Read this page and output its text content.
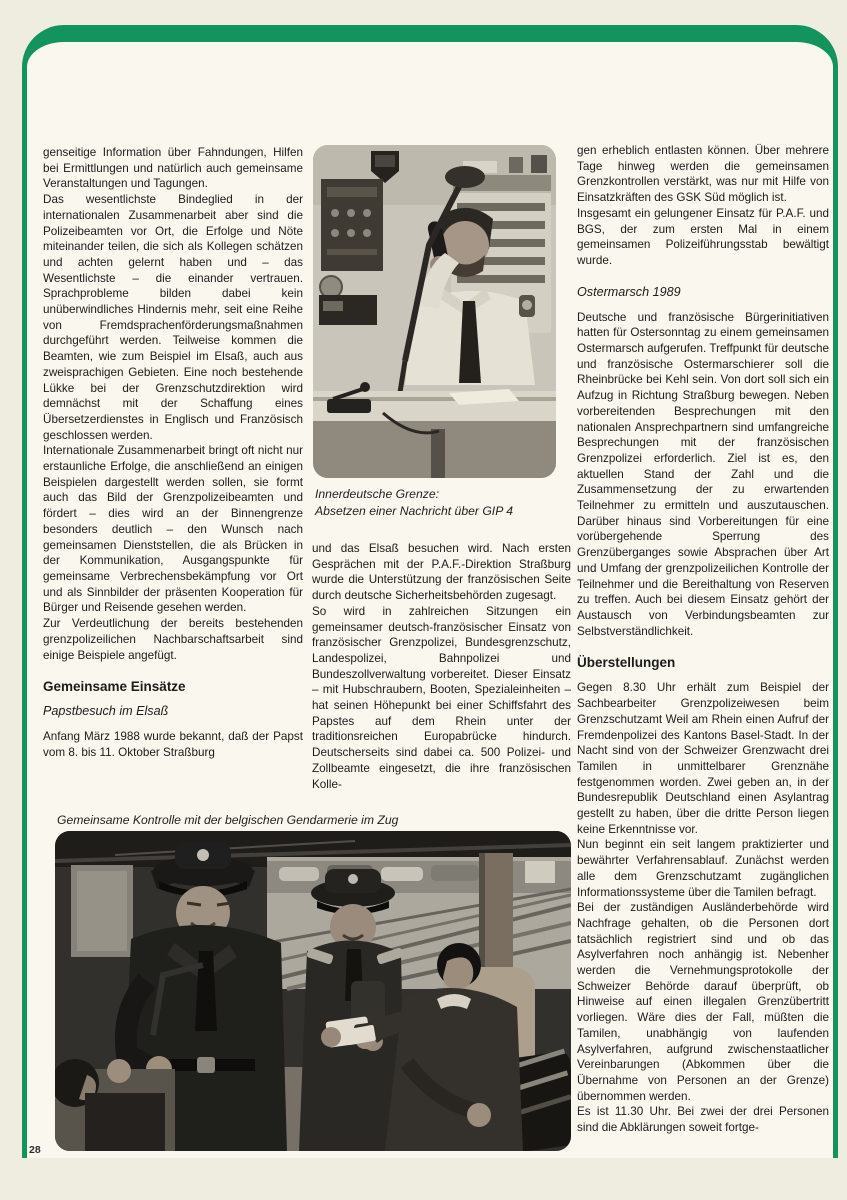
genseitige Information über Fahndungen, Hilfen bei Ermittlungen und natürlich auch gemeinsame Veranstaltungen und Tagungen.

Das wesentlichste Bindeglied in der internationalen Zusammenarbeit aber sind die Polizeibeamten vor Ort, die Erfolge und Nöte miteinander teilen, die sich als Kollegen schätzen und achten gelernt haben und – das Wesentlichste – die einander vertrauen. Sprachprobleme bilden dabei kein unüberwindliches Hindernis mehr, seit eine Reihe von Fremdsprachenförderungsmaßnahmen durchgeführt werden. Teilweise kommen die Beamten, wie zum Beispiel im Elsaß, auch aus zweisprachigen Gebieten. Eine noch bestehende Lükke bei der Grenzschutzdirektion wird demnächst mit der Schaffung eines Übersetzerdienstes in Englisch und Französisch geschlossen werden.

Internationale Zusammenarbeit bringt oft nicht nur erstaunliche Erfolge, die anschließend an einigen Beispielen dargestellt werden sollen, sie formt auch das Bild der Grenzpolizeibeamten und fördert – dies wird an der Binnengrenze besonders deutlich – den Wunsch nach gemeinsamen Dienststellen, die als Brücken in der Kommunikation, Ausgangspunkte für gemeinsame Verbrechensbekämpfung vor Ort und als Sinnbilder der präsenten Kooperation für Bürger und Reisende gesehen werden.

Zur Verdeutlichung der bereits bestehenden grenzpolizeilichen Nachbarschaftsarbeit sind einige Beispiele angefügt.

Gemeinsame Einsätze
Papstbesuch im Elsaß

Anfang März 1988 wurde bekannt, daß der Papst vom 8. bis 11. Oktober Straßburg

Innerdeutsche Grenze:
Absetzen einer Nachricht über GIP 4

und das Elsaß besuchen wird. Nach ersten Gesprächen mit der P.A.F.-Direktion Straßburg wurde die Unterstützung der französischen Seite durch deutsche Sicherheitsbehörden zugesagt.

So wird in zahlreichen Sitzungen ein gemeinsamer deutsch-französischer Einsatz von französischer Grenzpolizei, Bundesgrenzschutz, Landespolizei, Bahnpolizei und Bundeszollverwaltung vorbereitet. Dieser Einsatz – mit Hubschraubern, Booten, Spezialeinheiten – hat seinen Höhepunkt bei einer Schiffsfahrt des Papstes auf dem Rhein unter der traditionsreichen Europabrücke hindurch. Deutscherseits sind dabei ca. 500 Polizei- und Zollbeamte eingesetzt, die ihre französischen Kolle-

Gemeinsame Kontrolle mit der belgischen Gendarmerie im Zug

gen erheblich entlasten können. Über mehrere Tage hinweg werden die gemeinsamen Grenzkontrollen verstärkt, was nur mit Hilfe von Einsatzkräften des GSK Süd möglich ist.

Insgesamt ein gelungener Einsatz für P.A.F. und BGS, der zum ersten Mal in einem gemeinsamen Polizeiführungsstab bewältigt wurde.

Ostermarsch 1989

Deutsche und französische Bürgerinitiativen hatten für Ostersonntag zu einem gemeinsamen Ostermarsch aufgerufen. Treffpunkt für deutsche und französische Ostermarschierer soll die Rheinbrücke bei Kehl sein. Von dort soll sich ein Aufzug in Richtung Straßburg bewegen. Neben vorbereitenden Besprechungen mit den nationalen Ansprechpartnern sind umfangreiche Besprechungen mit der französischen Grenzpolizei erforderlich. Ziel ist es, den aktuellen Stand der Zahl und die Zusammensetzung der zu erwartenden Teilnehmer zu ermitteln und auszutauschen. Darüber hinaus sind Vorbereitungen für eine vorübergehende Sperrung des Grenzüberganges sowie Absprachen über Art und Umfang der grenzpolizeilichen Kontrolle der Teilnehmer und die Bereithaltung von Reserven zu treffen. Auch bei diesem Einsatz gehört der Austausch von Verbindungsbeamten zur Selbstverständlichkeit.

Überstellungen

Gegen 8.30 Uhr erhält zum Beispiel der Sachbearbeiter Grenzpolizeiwesen beim Grenzschutzamt Weil am Rhein einen Aufruf der Fremdenpolizei des Kantons Basel-Stadt. In der Nacht sind von der Schweizer Grenzwacht drei Tamilen in unmittelbarer Grenznähe festgenommen worden. Zwei geben an, in der Bundesrepublik Deutschland einen Asylantrag gestellt zu haben, über die dritte Person liegen keine Erkenntnisse vor.

Nun beginnt ein seit langem praktizierter und bewährter Verfahrensablauf. Zunächst werden alle dem Grenzschutzamt zugänglichen Informationssysteme über die Tamilen befragt.

Bei der zuständigen Ausländerbehörde wird Nachfrage gehalten, ob die Personen dort tatsächlich registriert sind und ob das Asylverfahren noch anhängig ist. Nebenher werden die Vernehmungsprotokolle der Schweizer Behörde darauf überprüft, ob Hinweise auf einen illegalen Grenzübertritt vorliegen. Wäre dies der Fall, müßten die Tamilen, unabhängig von laufenden Asylverfahren, aufgrund zwischenstaatlicher Vereinbarungen (Abkommen über die Übernahme von Personen an der Grenze) übernommen werden.

Es ist 11.30 Uhr. Bei zwei der drei Personen sind die Abklärungen soweit fortge-

28
